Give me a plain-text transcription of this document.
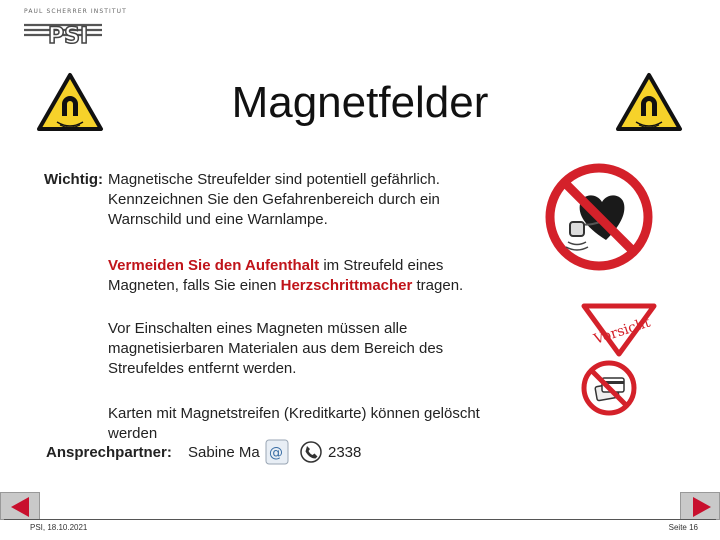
PAUL SCHERRER INSTITUT
PSI
Magnetfelder
Wichtig: Magnetische Streufelder sind potentiell gefährlich.
Kennzeichnen Sie den Gefahrenbereich durch ein
Warnschild und eine Warnlampe.
Vermeiden Sie den Aufenthalt im Streufeld eines
Magneten, falls Sie einen Herzschrittmacher tragen.
Vor Einschalten eines Magneten müssen alle
magnetisierbaren Materialen aus dem Bereich des
Streufeldes entfernt werden.
Karten mit Magnetstreifen (Kreditkarte) können gelöscht
werden
Ansprechpartner: Sabine Ma @	2338
Vorsicht
PSI, 18.10.2021	Seite 16
